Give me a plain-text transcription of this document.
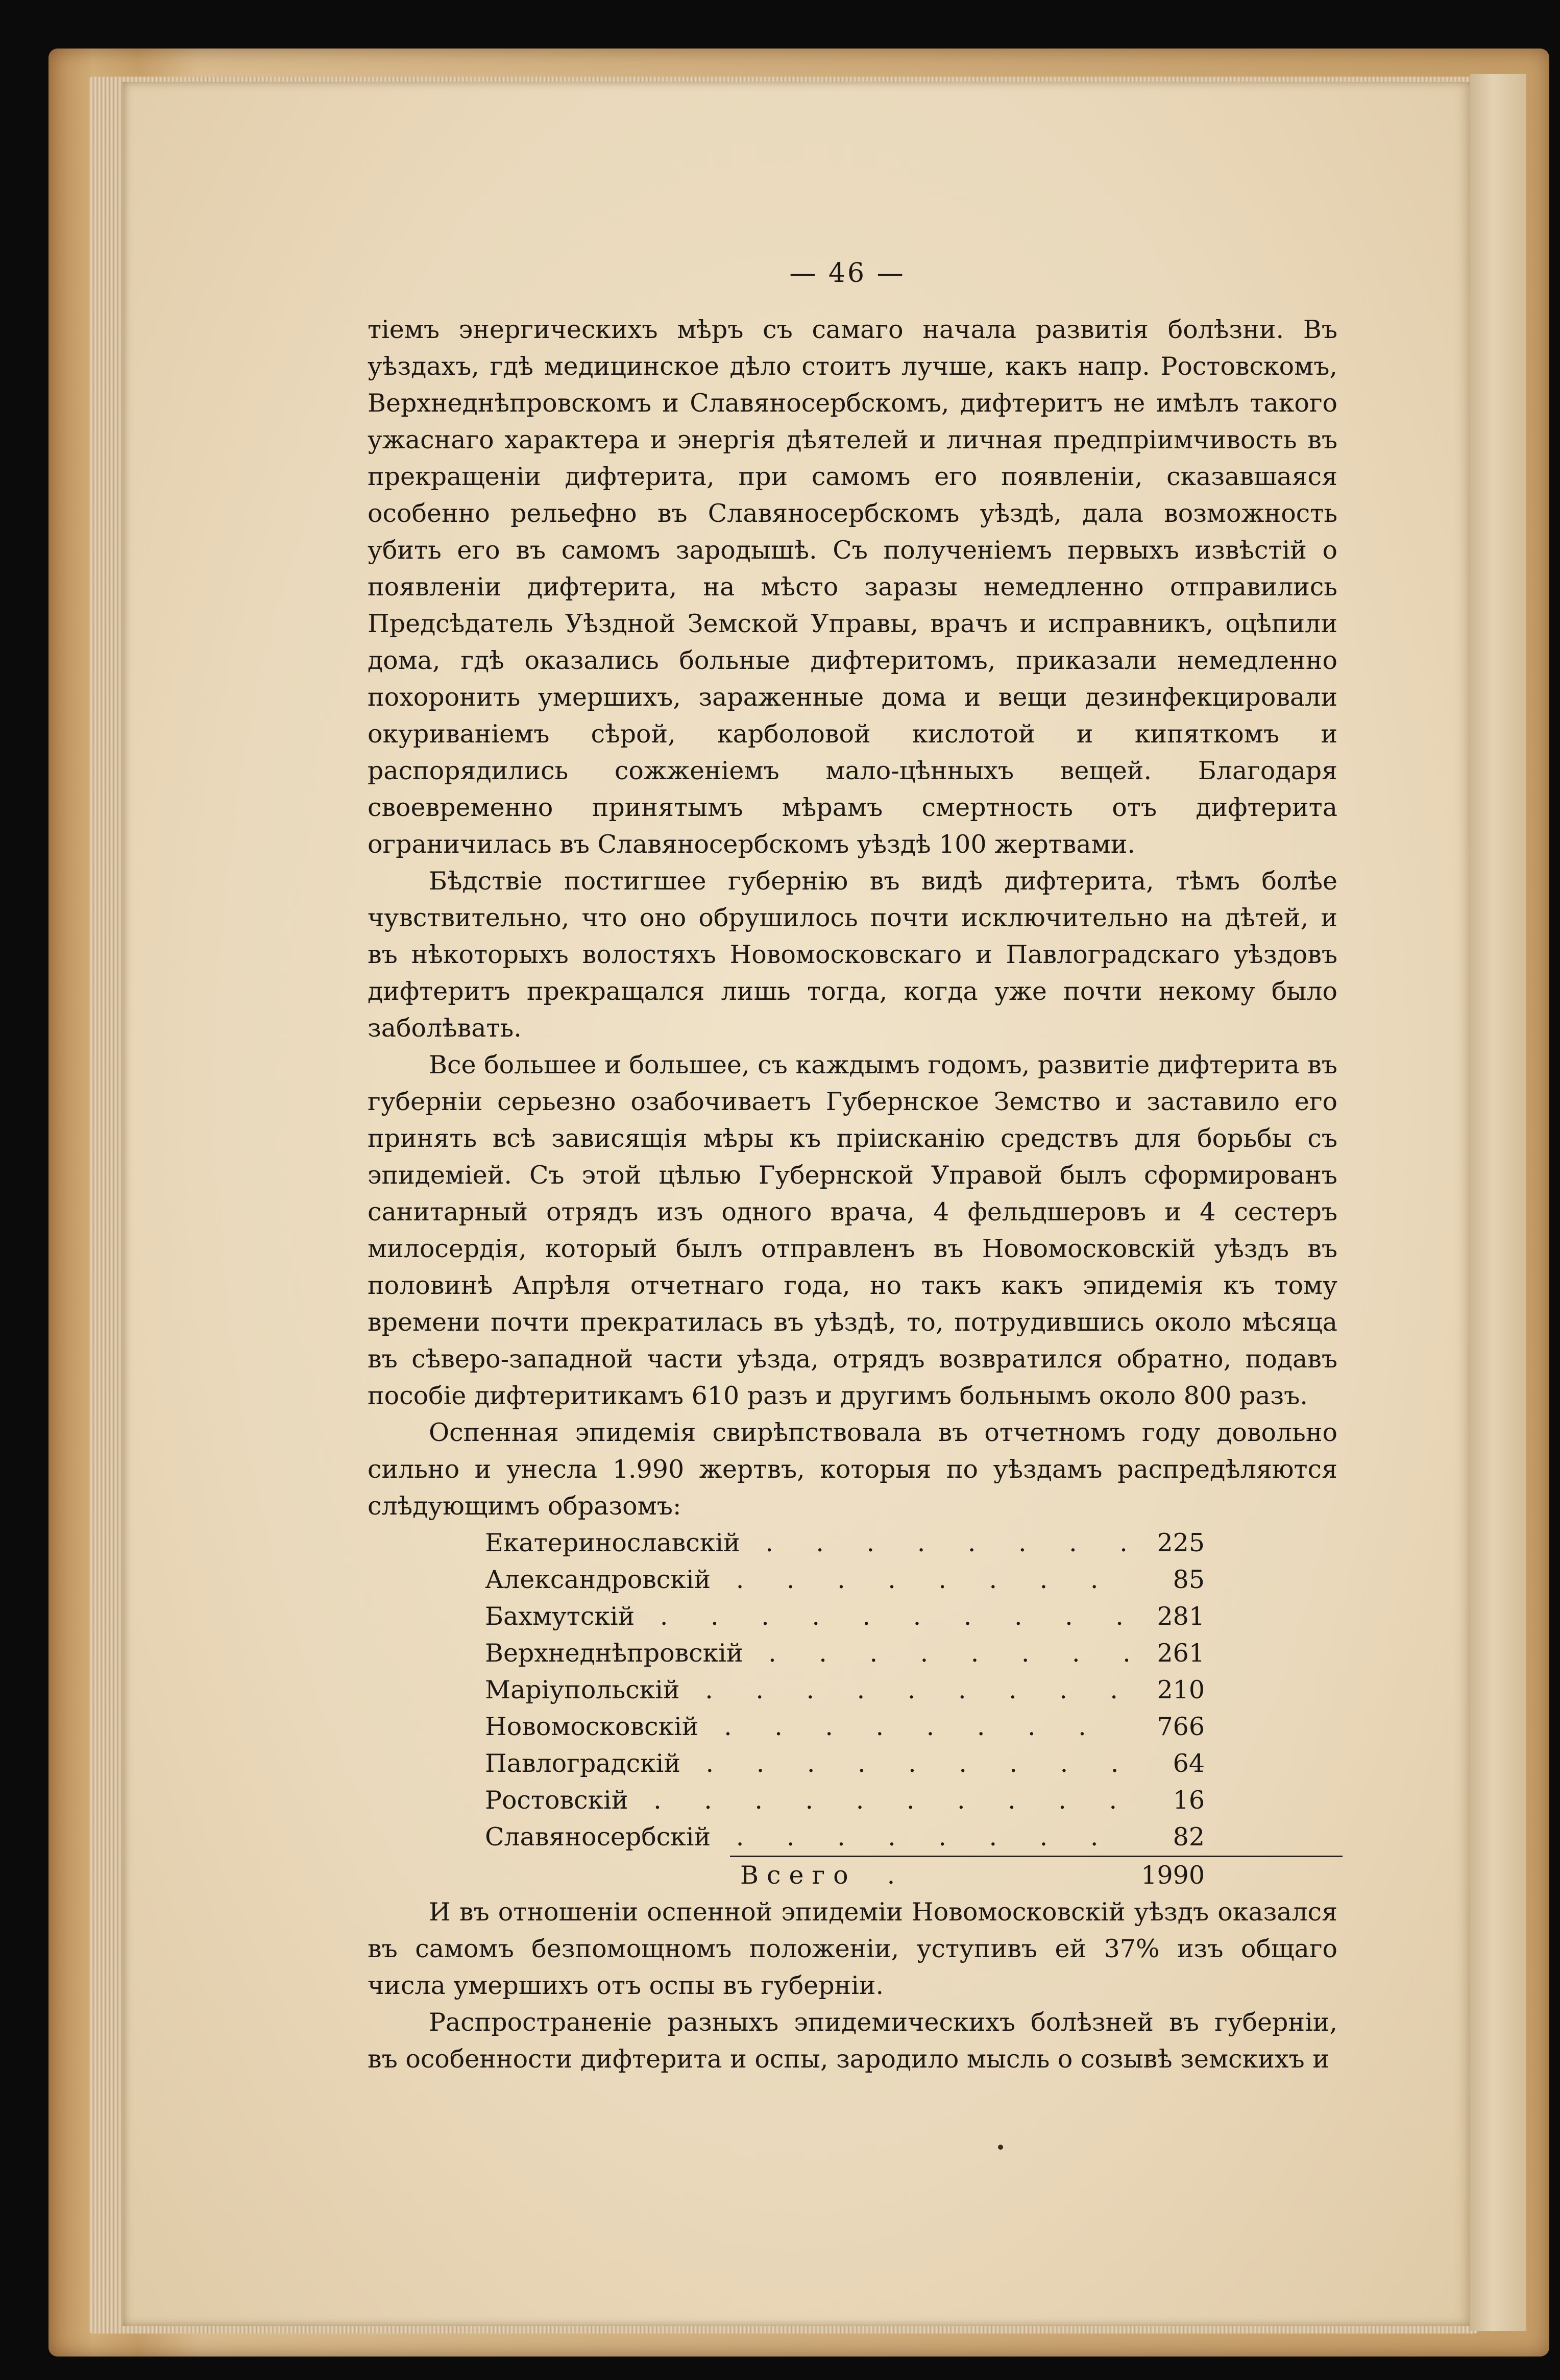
— 46 —

тіемъ энергическихъ мѣръ съ самаго начала развитія болѣзни. Въ уѣздахъ, гдѣ медицинское дѣло стоитъ лучше, какъ напр. Ростовскомъ, Верхнеднѣпровскомъ и Славяносербскомъ, дифтеритъ не имѣлъ такого ужаснаго характера и энергія дѣятелей и личная предпріимчивость въ прекращеніи дифтерита, при самомъ его появленіи, сказавшаяся особенно рельефно въ Славяносербскомъ уѣздѣ, дала возможность убить его въ самомъ зародышѣ. Съ полученіемъ первыхъ извѣстій о появленіи дифтерита, на мѣсто заразы немедленно отправились Предсѣдатель Уѣздной Земской Управы, врачъ и исправникъ, оцѣпили дома, гдѣ оказались больные дифтеритомъ, приказали немедленно похоронить умершихъ, зараженные дома и вещи дезинфекцировали окуриваніемъ сѣрой, карболовой кислотой и кипяткомъ и распорядились сожженіемъ мало-цѣнныхъ вещей. Благодаря своевременно принятымъ мѣрамъ смертность отъ дифтерита ограничилась въ Славяносербскомъ уѣздѣ 100 жертвами.

Бѣдствіе постигшее губернію въ видѣ дифтерита, тѣмъ болѣе чувствительно, что оно обрушилось почти исключительно на дѣтей, и въ нѣкоторыхъ волостяхъ Новомосковскаго и Павлоградскаго уѣздовъ дифтеритъ прекращался лишь тогда, когда уже почти некому было заболѣвать.

Все большее и большее, съ каждымъ годомъ, развитіе дифтерита въ губерніи серьезно озабочиваетъ Губернское Земство и заставило его принять всѣ зависящія мѣры къ прiисканію средствъ для борьбы съ эпидеміей. Съ этой цѣлью Губернской Управой былъ сформированъ санитарный отрядъ изъ одного врача, 4 фельдшеровъ и 4 сестеръ милосердія, который былъ отправленъ въ Новомосковскій уѣздъ въ половинѣ Апрѣля отчетнаго года, но такъ какъ эпидемія къ тому времени почти прекратилась въ уѣздѣ, то, потрудившись около мѣсяца въ сѣверо-западной части уѣзда, отрядъ возвратился обратно, подавъ пособіе дифтеритикамъ 610 разъ и другимъ больнымъ около 800 разъ.

Оспенная эпидемія свирѣпствовала въ отчетномъ году довольно сильно и унесла 1.990 жертвъ, которыя по уѣздамъ распредѣляются слѣдующимъ образомъ:

Екатеринославскій . . .	225
Александровскій . . .	85
Бахмутскій . . .	281
Верхнеднѣпровскій . . .	261
Маріупольскій . . .	210
Новомосковскій . . .	766
Павлоградскій . . .	64
Ростовскій . . .	16
Славяносербскій . . .	82
Всего .	1990

И въ отношеніи оспенной эпидеміи Новомосковскій уѣздъ оказался въ самомъ безпомощномъ положеніи, уступивъ ей 37% изъ общаго числа умершихъ отъ оспы въ губерніи.

Распространеніе разныхъ эпидемическихъ болѣзней въ губерніи, въ особенности дифтерита и оспы, зародило мысль о созывѣ земскихъ и
